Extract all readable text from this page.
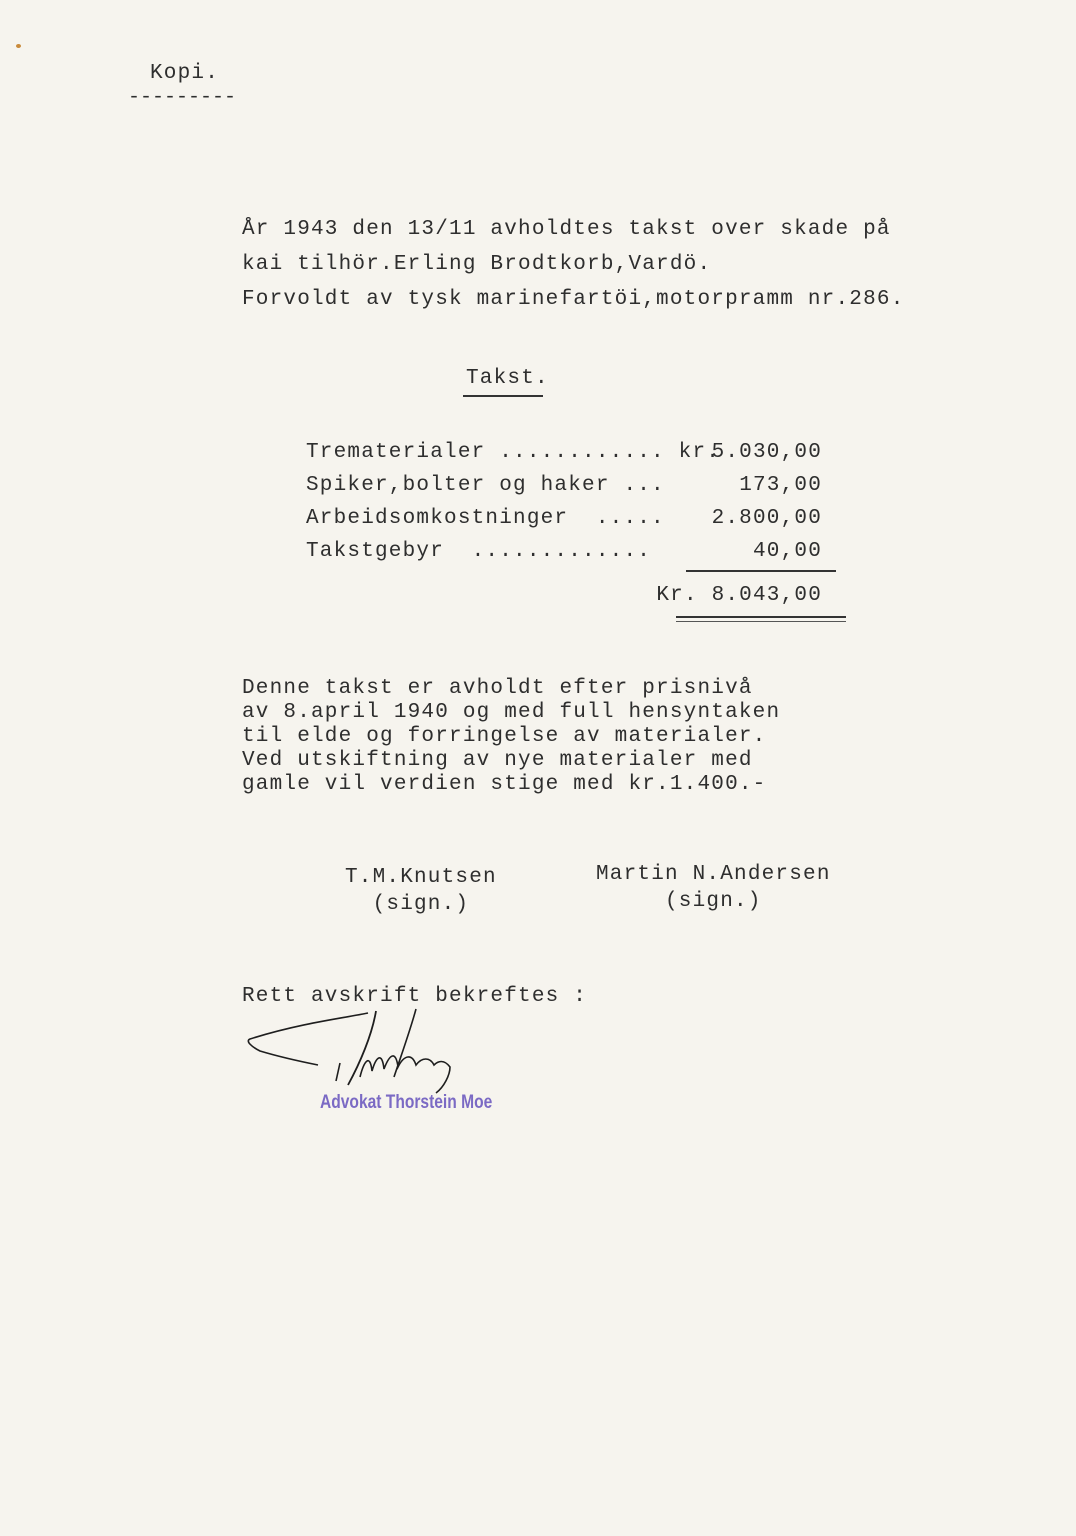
Kopi.
---------
År 1943 den 13/11 avholdtes takst over skade på
kai tilhör.Erling Brodtkorb,Vardö.
Forvoldt av tysk marinefartöi,motorpramm nr.286.
Takst.
Trematerialer ............ kr.
5.030,00
Spiker,bolter og haker ...	173,00
Arbeidsomkostninger  ..... 2.800,00
Takstgebyr  .............	40,00
Kr. 8.043,00
Denne takst er avholdt efter prisnivå
av 8.april 1940 og med full hensyntaken
til elde og forringelse av materialer.
Ved utskiftning av nye materialer med
gamle vil verdien stige med kr.1.400.-
T.M.Knutsen
(sign.)
Martin N.Andersen
(sign.)
Rett avskrift bekreftes :
Advokat Thorstein Moe
